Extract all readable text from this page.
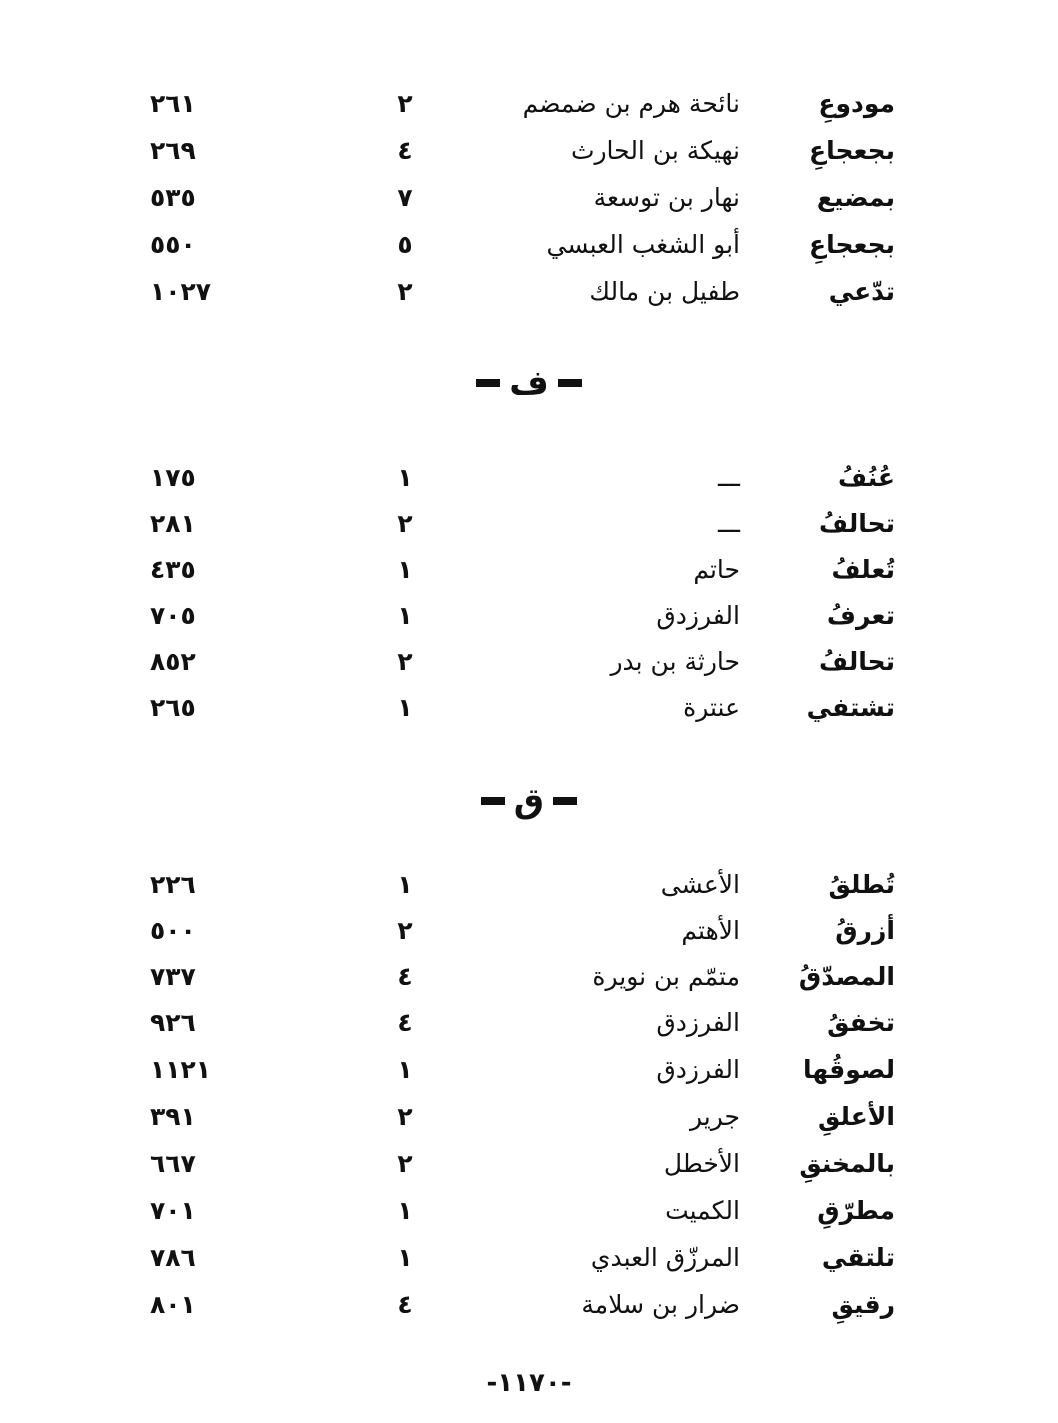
مودوعِ
نائحة هرم بن ضمضم
٢
٢٦١
بجعجاعِ
نهيكة بن الحارث
٤
٢٦٩
بمضيع
نهار بن توسعة
٧
٥٣٥
بجعجاعِ
أبو الشغب العبسي
٥
٥٥٠
تدّعي
طفيل بن مالك
٢
١٠٢٧
ف
عُنُفُ
ـــ
١
١٧٥
تحالفُ
ـــ
٢
٢٨١
تُعلفُ
حاتم
١
٤٣٥
تعرفُ
الفرزدق
١
٧٠٥
تحالفُ
حارثة بن بدر
٢
٨٥٢
تشتفي
عنترة
١
٢٦٥
ق
تُطلقُ
الأعشى
١
٢٢٦
أزرقُ
الأهتم
٢
٥٠٠
المصدّقُ
متمّم بن نويرة
٤
٧٣٧
تخفقُ
الفرزدق
٤
٩٢٦
لصوقُها
الفرزدق
١
١١٢١
الأعلقِ
جرير
٢
٣٩١
بالمخنقِ
الأخطل
٢
٦٦٧
مطرّقِ
الكميت
١
٧٠١
تلتقي
المرزّق العبدي
١
٧٨٦
رقيقِ
ضرار بن سلامة
٤
٨٠١
-١١٧٠-
